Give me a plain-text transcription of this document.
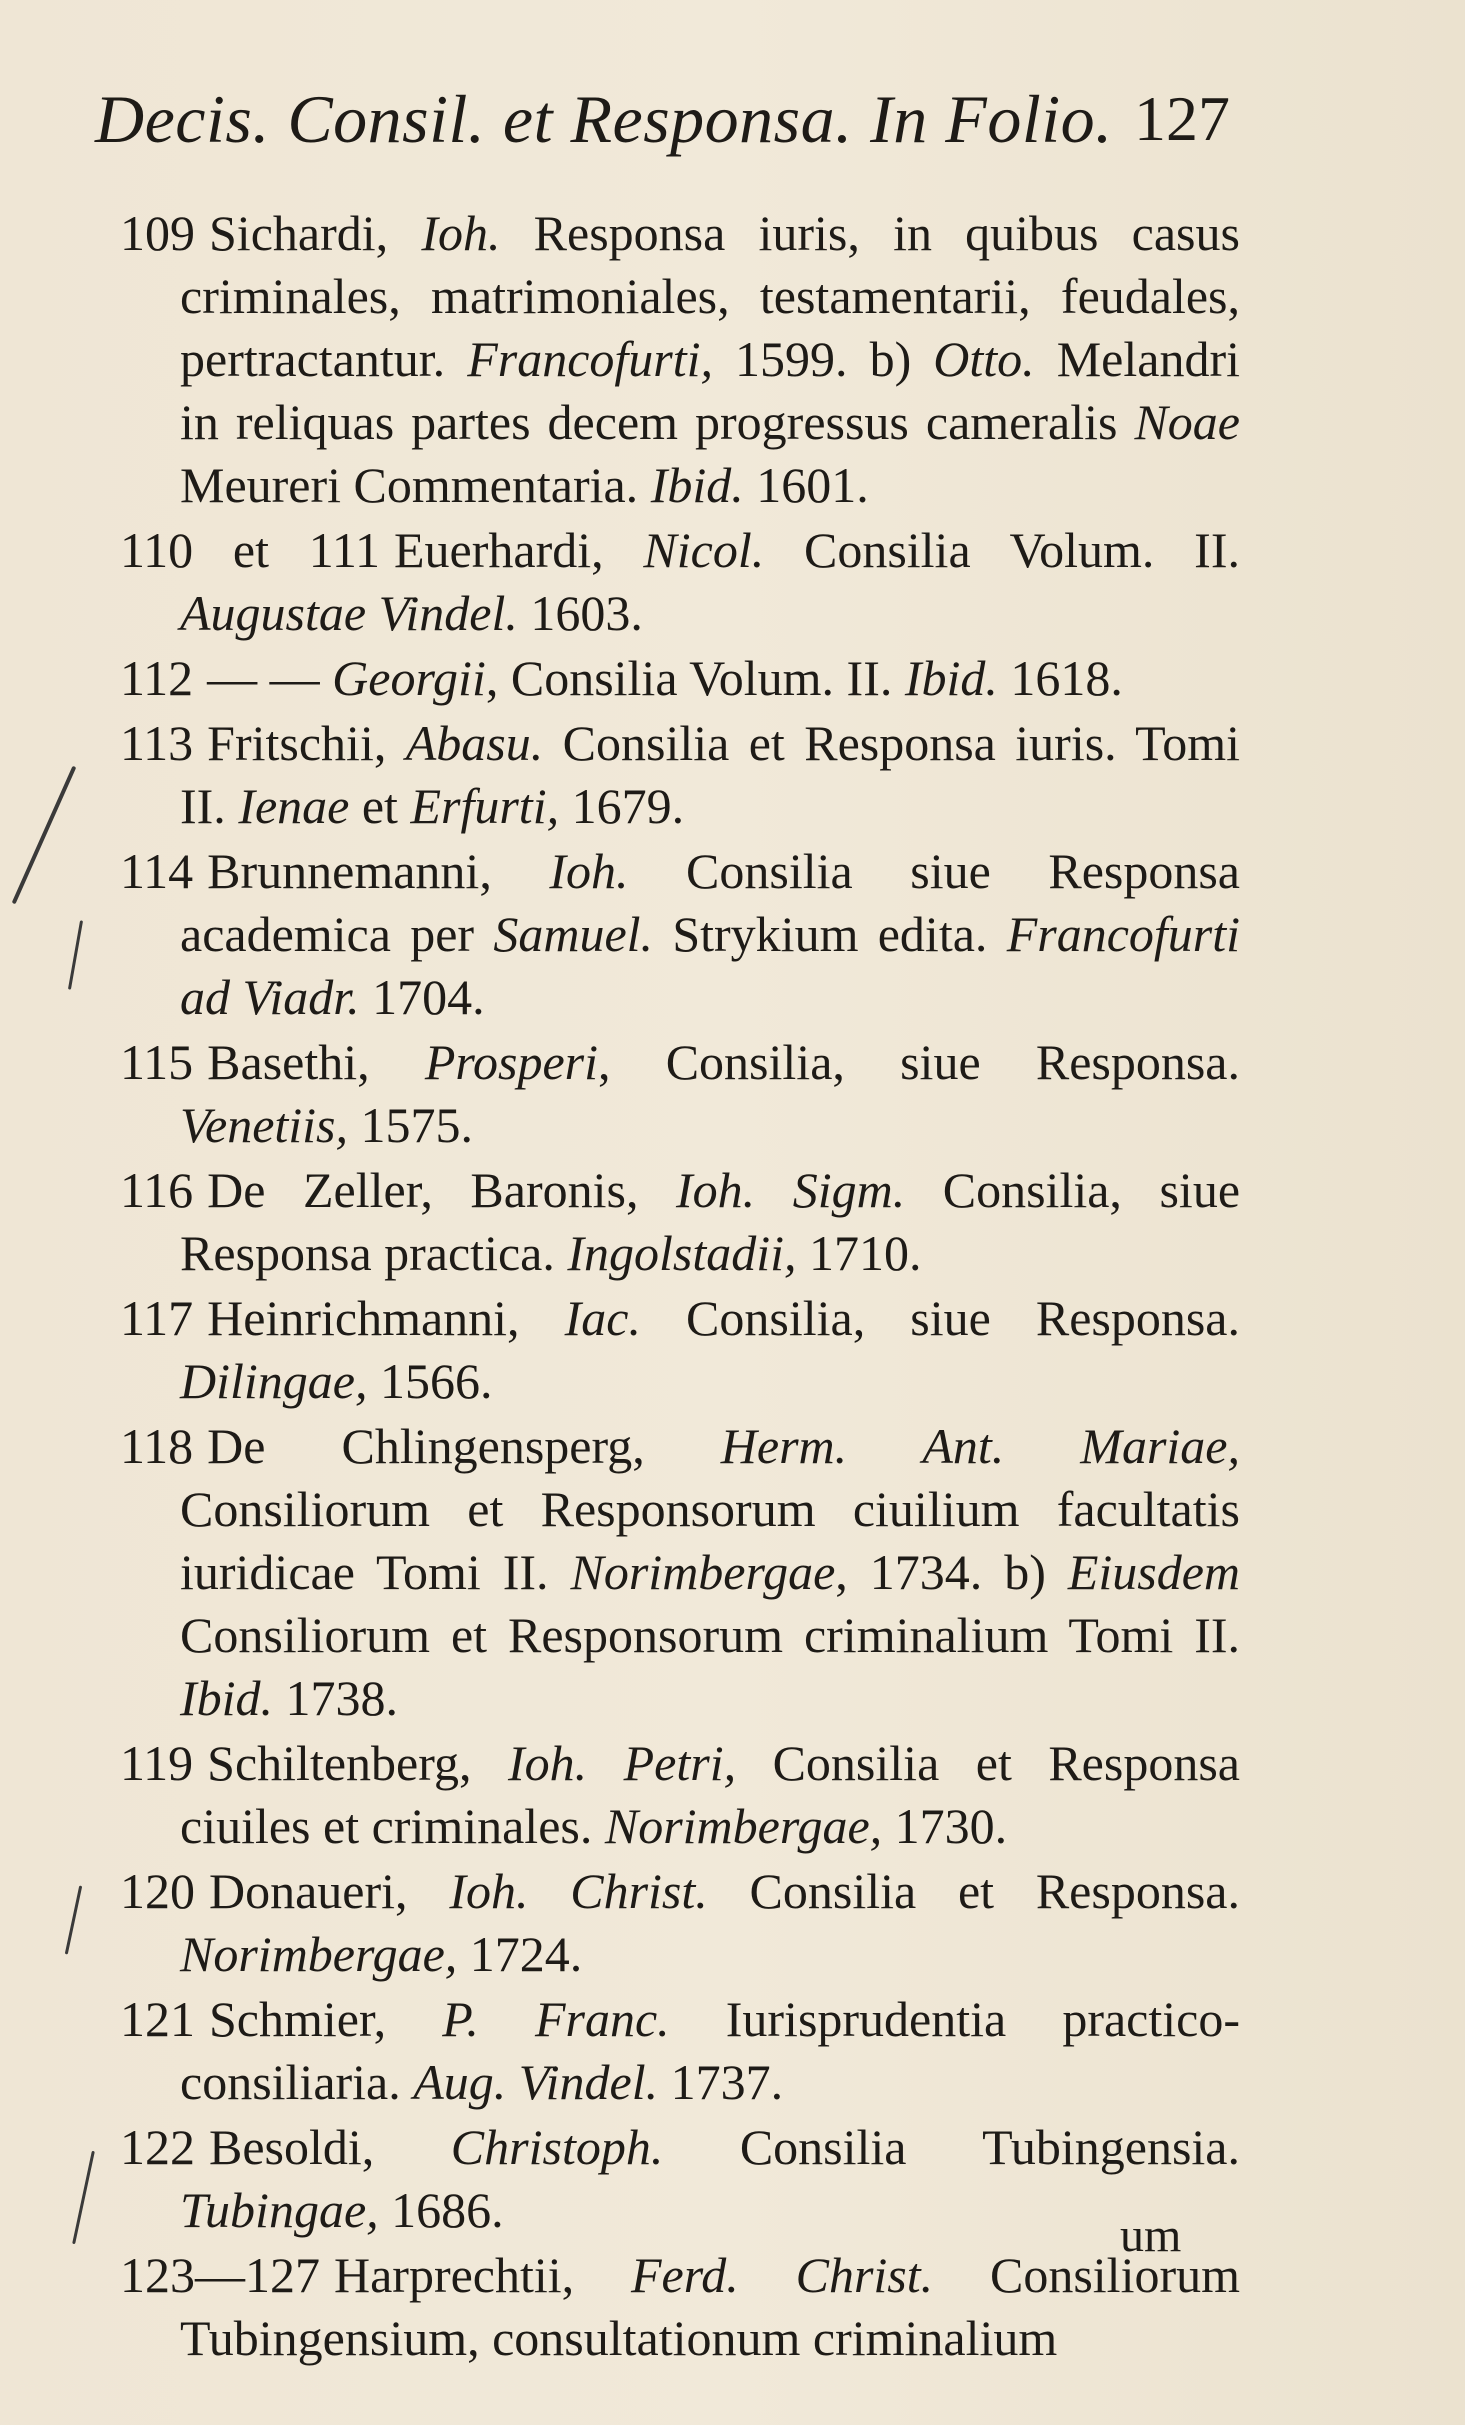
Decis. Consil. et Responsa. In Folio. 127

109 Sichardi, Ioh. Responsa iuris, in quibus casus criminales, matrimoniales, testamentarii, feudales, pertractantur. Francofurti, 1599. b) Otto. Melandri in reliquas partes decem progressus cameralis Noae Meureri Commentaria. Ibid. 1601.

110 et 111 Euerhardi, Nicol. Consilia Volum. II. Augustae Vindel. 1603.

112 — — Georgii, Consilia Volum. II. Ibid. 1618.

113 Fritschii, Abasu. Consilia et Responsa iuris. Tomi II. Ienae et Erfurti, 1679.

114 Brunnemanni, Ioh. Consilia siue Responsa academica per Samuel. Strykium edita. Francofurti ad Viadr. 1704.

115 Basethi, Prosperi, Consilia, siue Responsa. Venetiis, 1575.

116 De Zeller, Baronis, Ioh. Sigm. Consilia, siue Responsa practica. Ingolstadii, 1710.

117 Heinrichmanni, Iac. Consilia, siue Responsa. Dilingae, 1566.

118 De Chlingensperg, Herm. Ant. Mariae, Consiliorum et Responsorum ciuilium facultatis iuridicae Tomi II. Norimbergae, 1734. b) Eiusdem Consiliorum et Responsorum criminalium Tomi II. Ibid. 1738.

119 Schiltenberg, Ioh. Petri, Consilia et Responsa ciuiles et criminales. Norimbergae, 1730.

120 Donaueri, Ioh. Christ. Consilia et Responsa. Norimbergae, 1724.

121 Schmier, P. Franc. Iurisprudentia practico-consiliaria. Aug. Vindel. 1737.

122 Besoldi, Christoph. Consilia Tubingensia. Tubingae, 1686.

123—127 Harprechtii, Ferd. Christ. Consiliorum Tubingensium, consultationum criminalium

um
